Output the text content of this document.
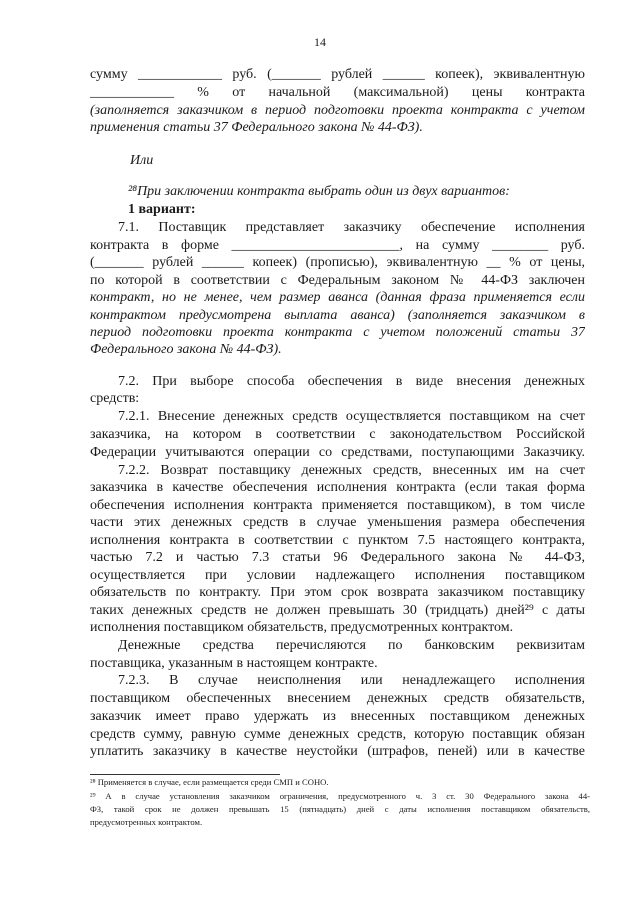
14
сумму ____________ руб. (_______ рублей ______ копеек), эквивалентную
____________ % от начальной (максимальной) цены контракта
(заполняется заказчиком в период подготовки проекта контракта с учетом
применения статьи 37 Федерального закона № 44-ФЗ).
Или
²⁸При заключении контракта выбрать один из двух вариантов:
1 вариант:
7.1. Поставщик представляет заказчику обеспечение исполнения
контракта в форме ________________________, на сумму ________ руб.
(_______ рублей ______ копеек) (прописью), эквивалентную __ % от цены,
по которой в соответствии с Федеральным законом № 44-ФЗ заключен
контракт, но не менее, чем размер аванса (данная фраза применяется если
контрактом предусмотрена выплата аванса) (заполняется заказчиком в
период подготовки проекта контракта с учетом положений статьи 37
Федерального закона № 44-ФЗ).
7.2. При выборе способа обеспечения в виде внесения денежных
средств:
7.2.1. Внесение денежных средств осуществляется поставщиком на счет
заказчика, на котором в соответствии с законодательством Российской
Федерации учитываются операции со средствами, поступающими Заказчику.
7.2.2. Возврат поставщику денежных средств, внесенных им на счет
заказчика в качестве обеспечения исполнения контракта (если такая форма
обеспечения исполнения контракта применяется поставщиком), в том числе
части этих денежных средств в случае уменьшения размера обеспечения
исполнения контракта в соответствии с пунктом 7.5 настоящего контракта,
частью 7.2 и частью 7.3 статьи 96 Федерального закона № 44-ФЗ,
осуществляется при условии надлежащего исполнения поставщиком
обязательств по контракту. При этом срок возврата заказчиком поставщику
таких денежных средств не должен превышать 30 (тридцать) дней²⁹ с даты
исполнения поставщиком обязательств, предусмотренных контрактом.
Денежные средства перечисляются по банковским реквизитам
поставщика, указанным в настоящем контракте.
7.2.3. В случае неисполнения или ненадлежащего исполнения
поставщиком обеспеченных внесением денежных средств обязательств,
заказчик имеет право удержать из внесенных поставщиком денежных
средств сумму, равную сумме денежных средств, которую поставщик обязан
уплатить заказчику в качестве неустойки (штрафов, пеней) или в качестве
²⁸ Применяется в случае, если размещается среди СМП и СОНО.
²⁹ А в случае установления заказчиком ограничения, предусмотренного ч. 3 ст. 30 Федерального закона 44-
ФЗ, такой срок не должен превышать 15 (пятнадцать) дней с даты исполнения поставщиком обязательств,
предусмотренных контрактом.
